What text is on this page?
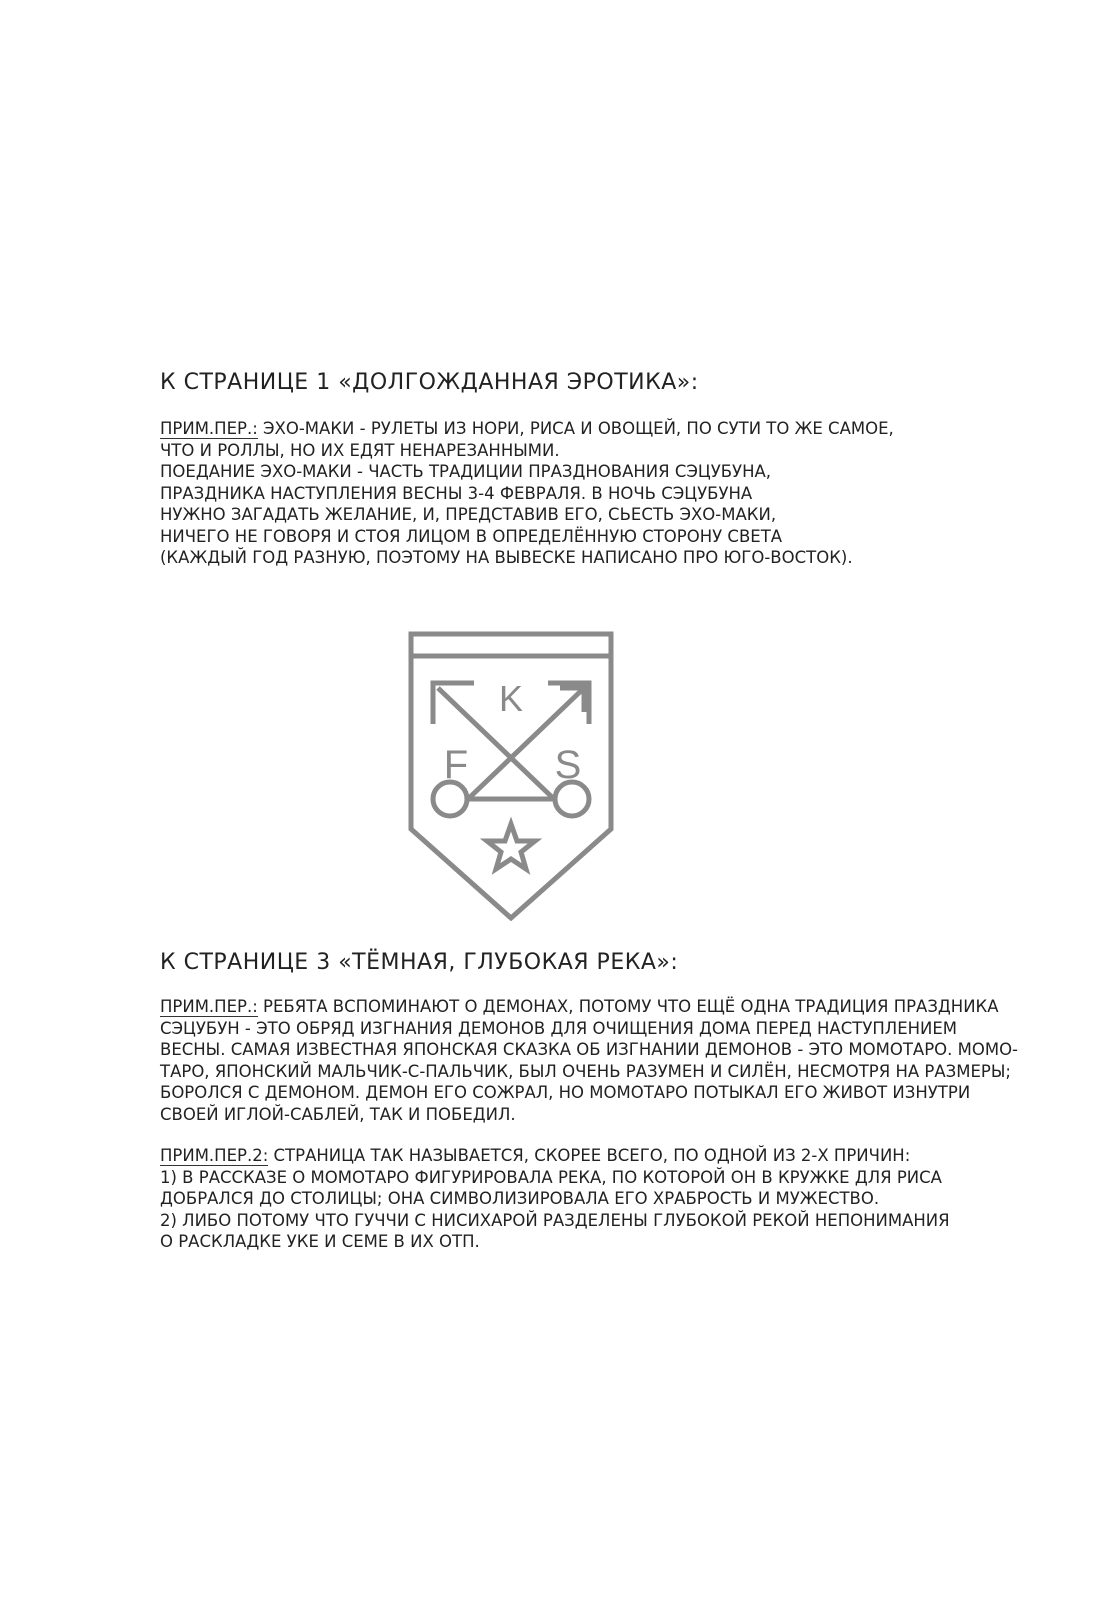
К СТРАНИЦЕ 1 «ДОЛГОЖДАННАЯ ЭРОТИКА»:
ПРИМ.ПЕР.: ЭХО-МАКИ - РУЛЕТЫ ИЗ НОРИ, РИСА И ОВОЩЕЙ, ПО СУТИ ТО ЖЕ САМОЕ,
ЧТО И РОЛЛЫ, НО ИХ ЕДЯТ НЕНАРЕЗАННЫМИ.
ПОЕДАНИЕ ЭХО-МАКИ - ЧАСТЬ ТРАДИЦИИ ПРАЗДНОВАНИЯ СЭЦУБУНА,
ПРАЗДНИКА НАСТУПЛЕНИЯ ВЕСНЫ 3-4 ФЕВРАЛЯ. В НОЧЬ СЭЦУБУНА
НУЖНО ЗАГАДАТЬ ЖЕЛАНИЕ, И, ПРЕДСТАВИВ ЕГО, СЬЕСТЬ ЭХО-МАКИ,
НИЧЕГО НЕ ГОВОРЯ И СТОЯ ЛИЦОМ В ОПРЕДЕЛЁННУЮ СТОРОНУ СВЕТА
(КАЖДЫЙ ГОД РАЗНУЮ, ПОЭТОМУ НА ВЫВЕСКЕ НАПИСАНО ПРО ЮГО-ВОСТОК).
K
F S
К СТРАНИЦЕ 3 «ТЁМНАЯ, ГЛУБОКАЯ РЕКА»:
ПРИМ.ПЕР.: РЕБЯТА ВСПОМИНАЮТ О ДЕМОНАХ, ПОТОМУ ЧТО ЕЩЁ ОДНА ТРАДИЦИЯ ПРАЗДНИКА
СЭЦУБУН - ЭТО ОБРЯД ИЗГНАНИЯ ДЕМОНОВ ДЛЯ ОЧИЩЕНИЯ ДОМА ПЕРЕД НАСТУПЛЕНИЕМ
ВЕСНЫ. САМАЯ ИЗВЕСТНАЯ ЯПОНСКАЯ СКАЗКА ОБ ИЗГНАНИИ ДЕМОНОВ - ЭТО МОМОТАРО. МОМО-
ТАРО, ЯПОНСКИЙ МАЛЬЧИК-С-ПАЛЬЧИК, БЫЛ ОЧЕНЬ РАЗУМЕН И СИЛЁН, НЕСМОТРЯ НА РАЗМЕРЫ;
БОРОЛСЯ С ДЕМОНОМ. ДЕМОН ЕГО СОЖРАЛ, НО МОМОТАРО ПОТЫКАЛ ЕГО ЖИВОТ ИЗНУТРИ
СВОЕЙ ИГЛОЙ-САБЛЕЙ, ТАК И ПОБЕДИЛ.
ПРИМ.ПЕР.2: СТРАНИЦА ТАК НАЗЫВАЕТСЯ, СКОРЕЕ ВСЕГО, ПО ОДНОЙ ИЗ 2-Х ПРИЧИН:
1) В РАССКАЗЕ О МОМОТАРО ФИГУРИРОВАЛА РЕКА, ПО КОТОРОЙ ОН В КРУЖКЕ ДЛЯ РИСА
ДОБРАЛСЯ ДО СТОЛИЦЫ; ОНА СИМВОЛИЗИРОВАЛА ЕГО ХРАБРОСТЬ И МУЖЕСТВО.
2) ЛИБО ПОТОМУ ЧТО ГУЧЧИ С НИСИХАРОЙ РАЗДЕЛЕНЫ ГЛУБОКОЙ РЕКОЙ НЕПОНИМАНИЯ
О РАСКЛАДКЕ УКЕ И СЕМЕ В ИХ ОТП.
